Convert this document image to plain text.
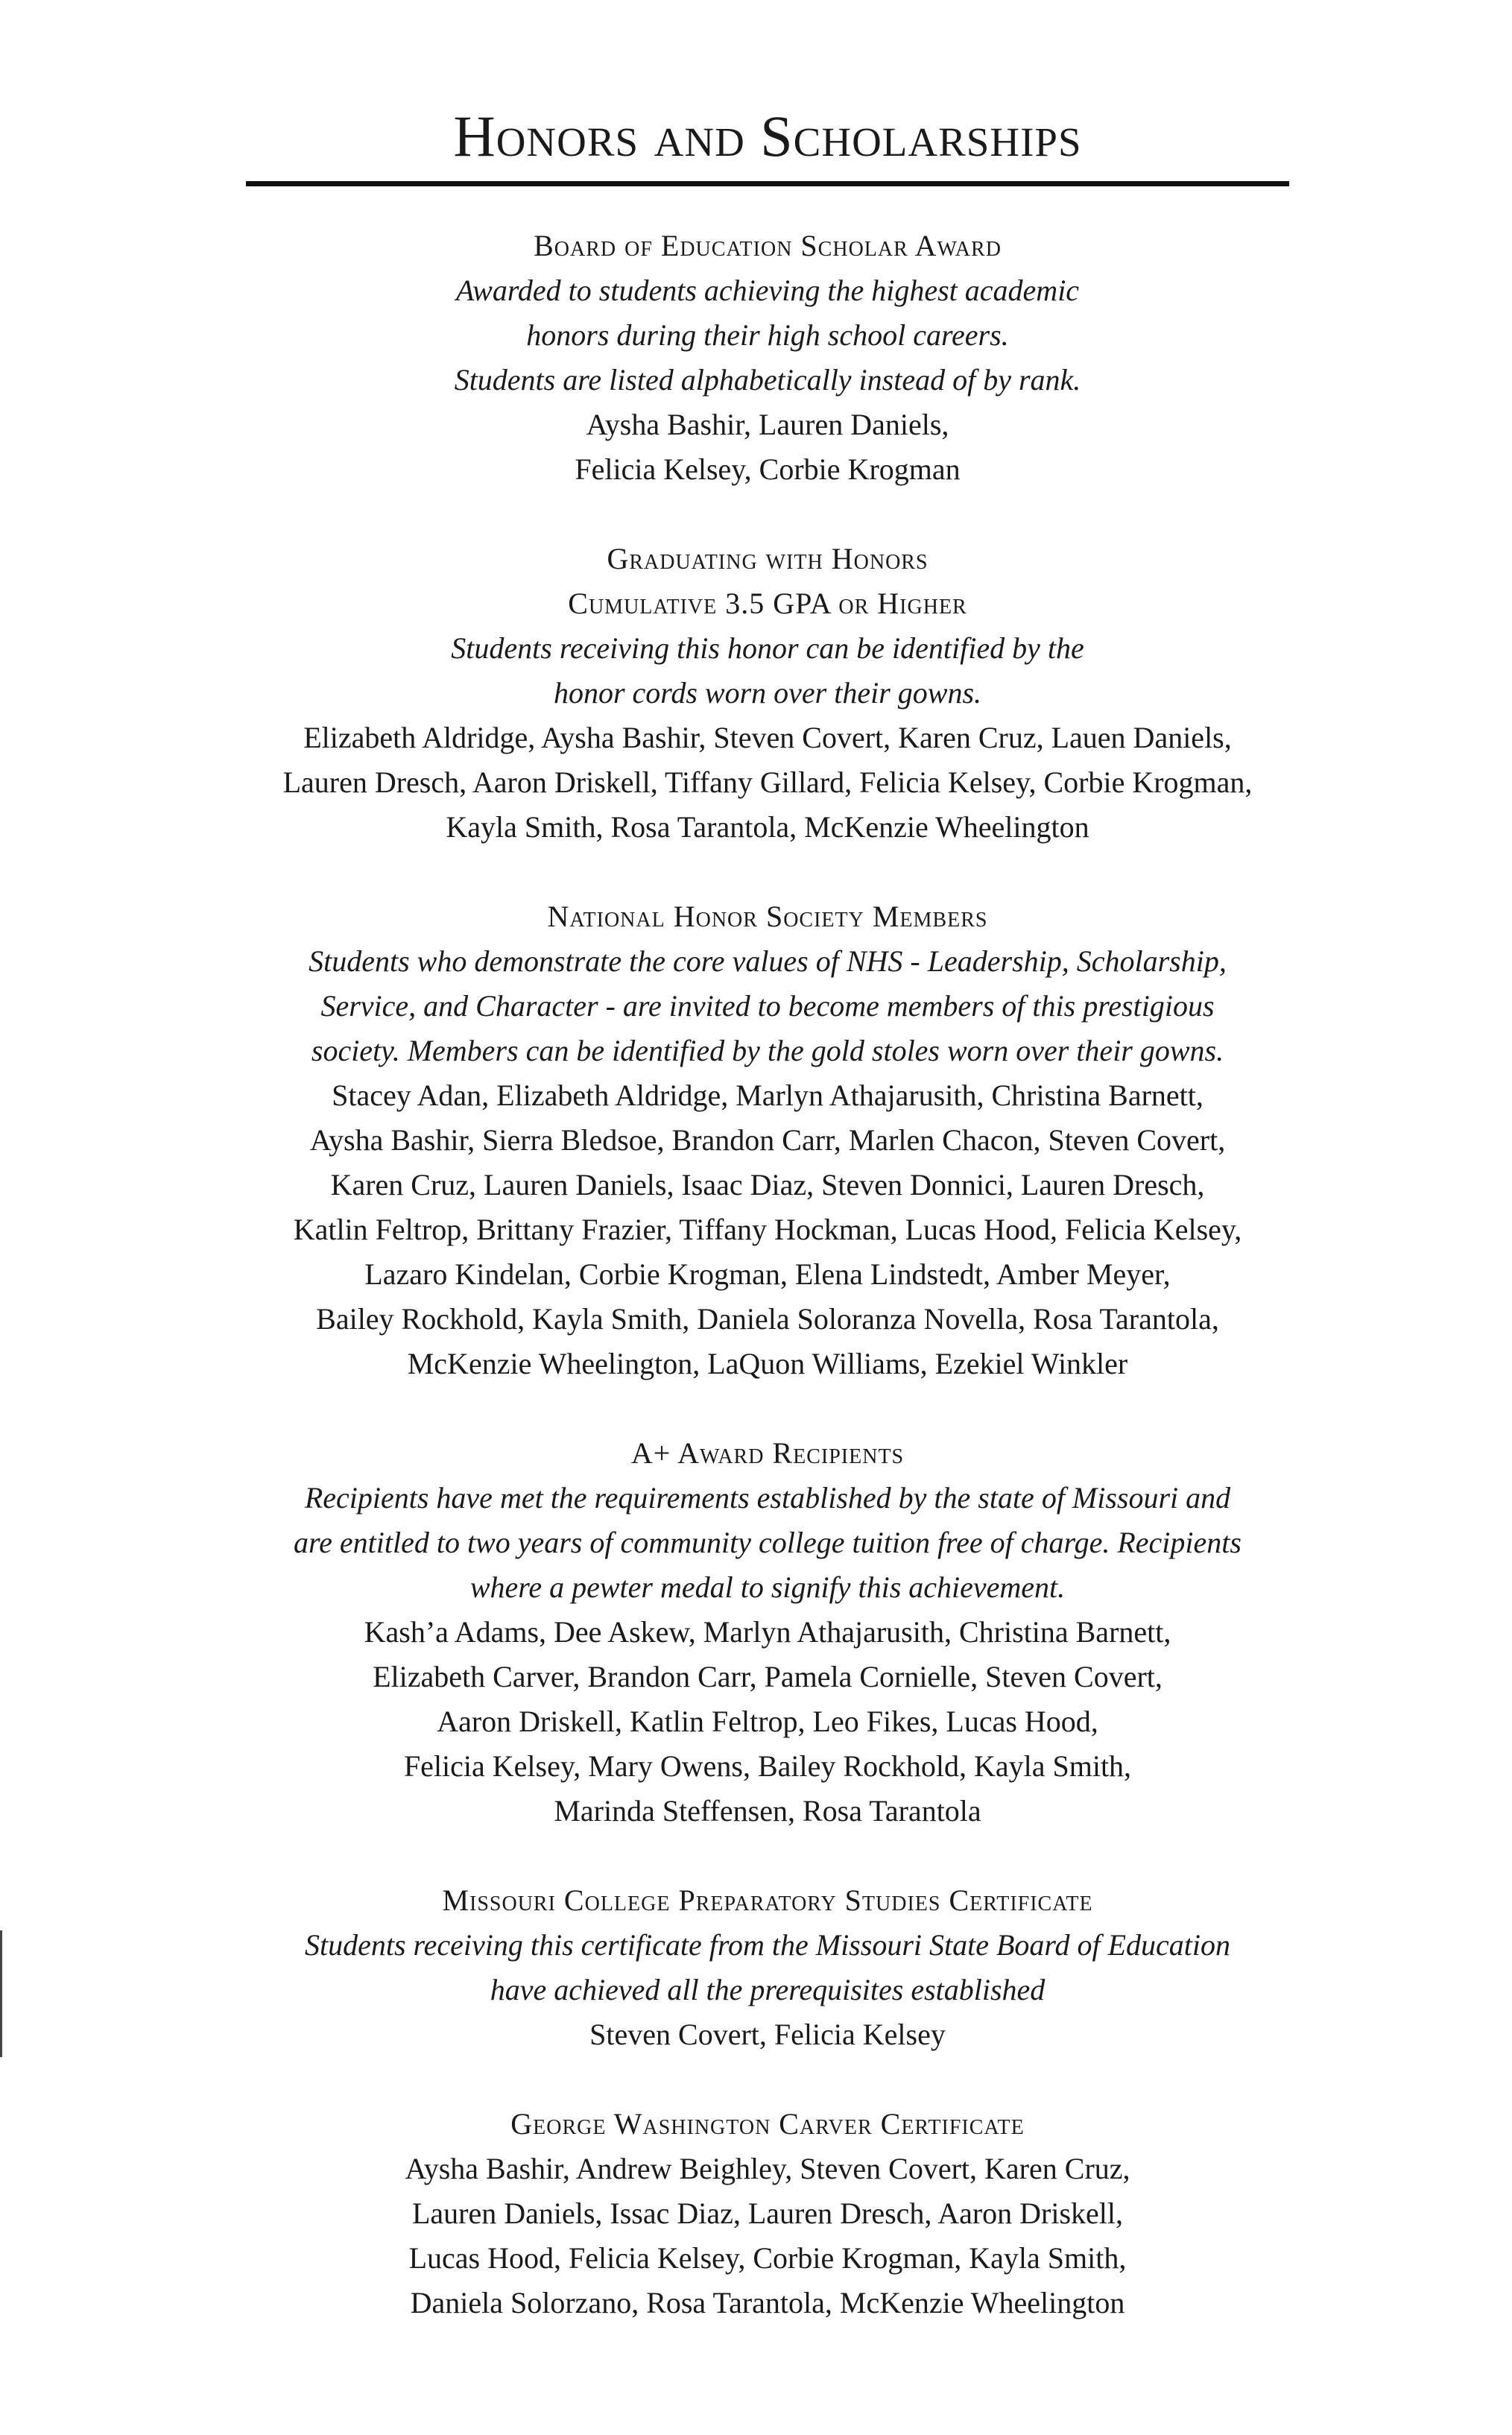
Honors and Scholarships

Board of Education Scholar Award

Awarded to students achieving the highest academic
honors during their high school careers.
Students are listed alphabetically instead of by rank.

Aysha Bashir, Lauren Daniels,
Felicia Kelsey, Corbie Krogman

Graduating with Honors

Cumulative 3.5 GPA or Higher

Students receiving this honor can be identified by the
honor cords worn over their gowns.

Elizabeth Aldridge, Aysha Bashir, Steven Covert, Karen Cruz, Lauen Daniels,
Lauren Dresch, Aaron Driskell, Tiffany Gillard, Felicia Kelsey, Corbie Krogman,
Kayla Smith, Rosa Tarantola, McKenzie Wheelington

National Honor Society Members

Students who demonstrate the core values of NHS - Leadership, Scholarship,
Service, and Character - are invited to become members of this prestigious
society. Members can be identified by the gold stoles worn over their gowns.

Stacey Adan, Elizabeth Aldridge, Marlyn Athajarusith, Christina Barnett,
Aysha Bashir, Sierra Bledsoe, Brandon Carr, Marlen Chacon, Steven Covert,
Karen Cruz, Lauren Daniels, Isaac Diaz, Steven Donnici, Lauren Dresch,
Katlin Feltrop, Brittany Frazier, Tiffany Hockman, Lucas Hood, Felicia Kelsey,
Lazaro Kindelan, Corbie Krogman, Elena Lindstedt, Amber Meyer,
Bailey Rockhold, Kayla Smith, Daniela Soloranza Novella, Rosa Tarantola,
McKenzie Wheelington, LaQuon Williams, Ezekiel Winkler

A+ Award Recipients

Recipients have met the requirements established by the state of Missouri and
are entitled to two years of community college tuition free of charge. Recipients
where a pewter medal to signify this achievement.

Kash’a Adams, Dee Askew, Marlyn Athajarusith, Christina Barnett,
Elizabeth Carver, Brandon Carr, Pamela Cornielle, Steven Covert,
Aaron Driskell, Katlin Feltrop, Leo Fikes, Lucas Hood,
Felicia Kelsey, Mary Owens, Bailey Rockhold, Kayla Smith,
Marinda Steffensen, Rosa Tarantola

Missouri College Preparatory Studies Certificate

Students receiving this certificate from the Missouri State Board of Education
have achieved all the prerequisites established

Steven Covert, Felicia Kelsey

George Washington Carver Certificate

Aysha Bashir, Andrew Beighley, Steven Covert, Karen Cruz,
Lauren Daniels, Issac Diaz, Lauren Dresch, Aaron Driskell,
Lucas Hood, Felicia Kelsey, Corbie Krogman, Kayla Smith,
Daniela Solorzano, Rosa Tarantola, McKenzie Wheelington
